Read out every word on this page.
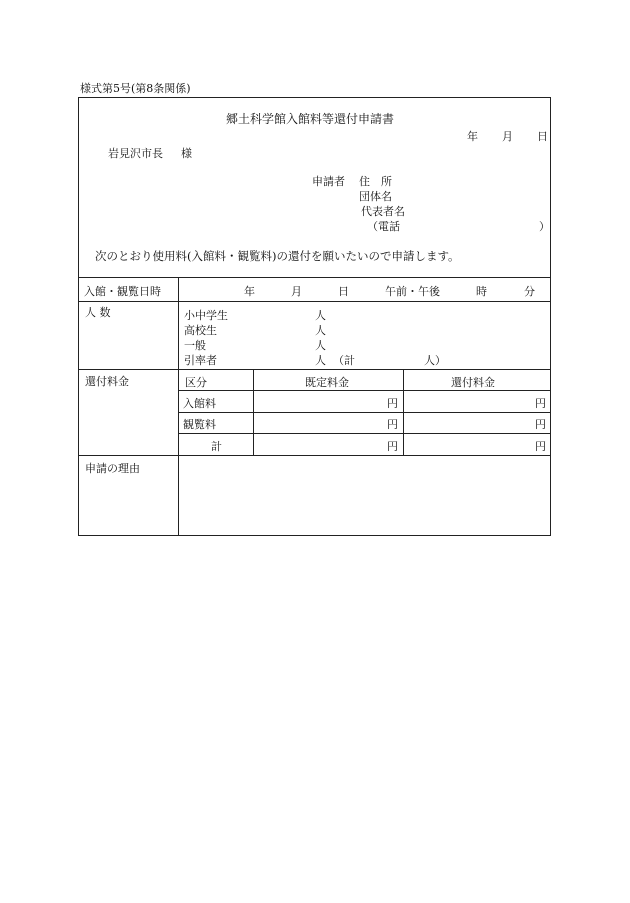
様式第5号(第8条関係)
郷土科学館入館料等還付申請書
年 月 日
岩見沢市長 様
申請者 住　所
団体名
代表者名
（電話	）
次のとおり使用料(入館料・観覧料)の還付を願いたいので申請します。
入館・観覧日時	年	月	日	午前・午後	時	分
人 数	小中学生	人
高校生	人
一般	人
引率者	人 （計	人）
還付料金	区分	既定料金	還付料金
入館料	円	円
観覧料	円	円
計	円	円
申請の理由
